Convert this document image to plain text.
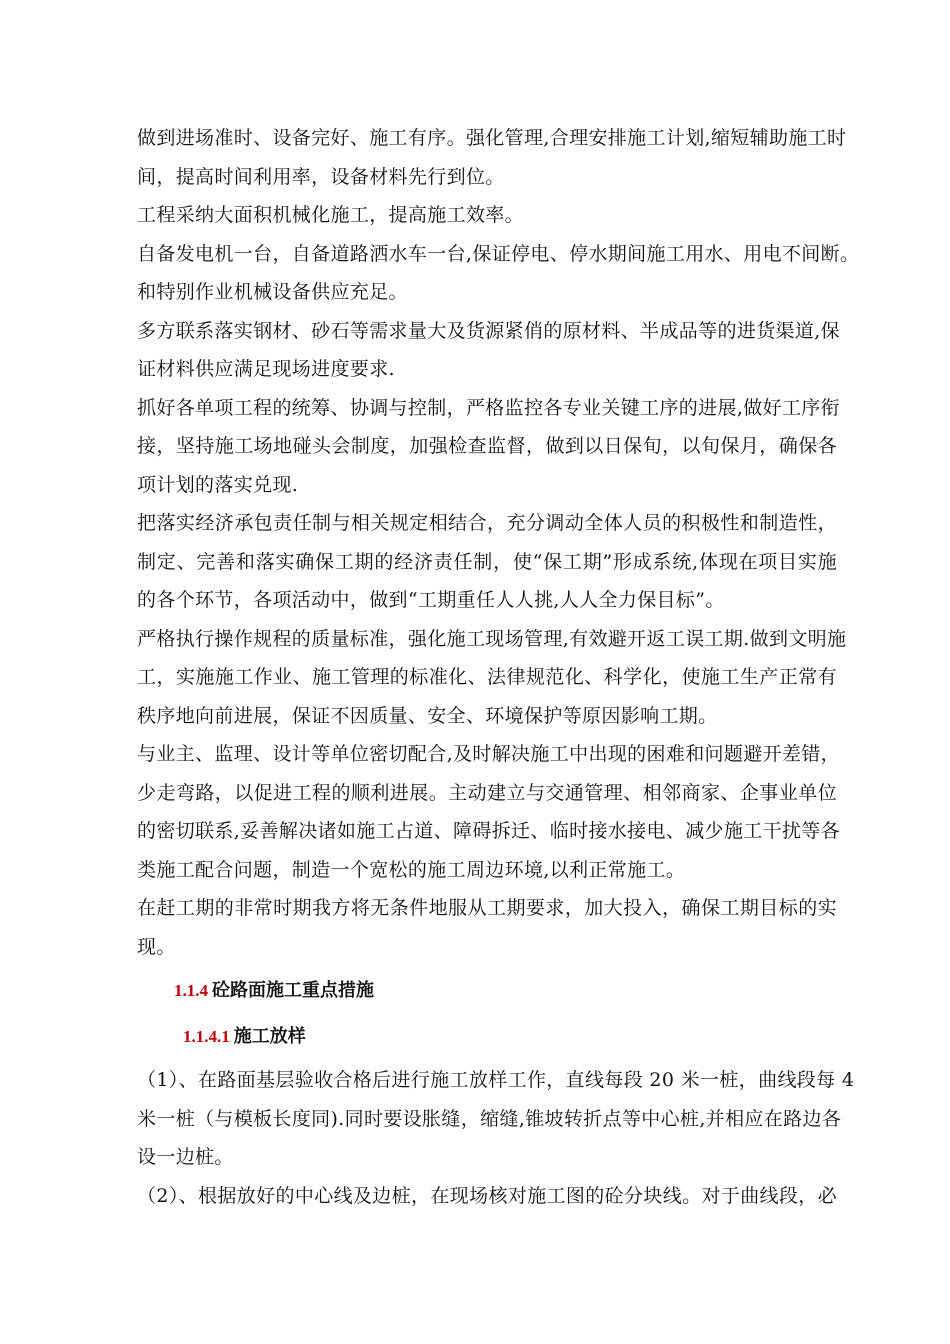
做到进场准时、设备完好、施工有序。强化管理,合理安排施工计划,缩短辅助施工时
间，提高时间利用率，设备材料先行到位。
工程采纳大面积机械化施工，提高施工效率。
自备发电机一台，自备道路洒水车一台,保证停电、停水期间施工用水、用电不间断。
和特别作业机械设备供应充足。
多方联系落实钢材、砂石等需求量大及货源紧俏的原材料、半成品等的进货渠道,保
证材料供应满足现场进度要求.
抓好各单项工程的统筹、协调与控制，严格监控各专业关键工序的进展,做好工序衔
接，坚持施工场地碰头会制度，加强检查监督，做到以日保旬，以旬保月，确保各
项计划的落实兑现.
把落实经济承包责任制与相关规定相结合，充分调动全体人员的积极性和制造性，
制定、完善和落实确保工期的经济责任制，使“保工期”形成系统,体现在项目实施
的各个环节，各项活动中，做到“工期重任人人挑,人人全力保目标”。
严格执行操作规程的质量标准，强化施工现场管理,有效避开返工误工期.做到文明施
工，实施施工作业、施工管理的标准化、法律规范化、科学化，使施工生产正常有
秩序地向前进展，保证不因质量、安全、环境保护等原因影响工期。
与业主、监理、设计等单位密切配合,及时解决施工中出现的困难和问题避开差错，
少走弯路，以促进工程的顺利进展。主动建立与交通管理、相邻商家、企事业单位
的密切联系,妥善解决诸如施工占道、障碍拆迁、临时接水接电、减少施工干扰等各
类施工配合问题，制造一个宽松的施工周边环境,以利正常施工。
在赶工期的非常时期我方将无条件地服从工期要求，加大投入，确保工期目标的实
现。
1.1.4 砼路面施工重点措施
1.1.4.1 施工放样
（1）、在路面基层验收合格后进行施工放样工作，直线每段 20 米一桩，曲线段每 4
米一桩（与模板长度同).同时要设胀缝，缩缝,锥坡转折点等中心桩,并相应在路边各
设一边桩。
（2）、根据放好的中心线及边桩，在现场核对施工图的砼分块线。对于曲线段，必
